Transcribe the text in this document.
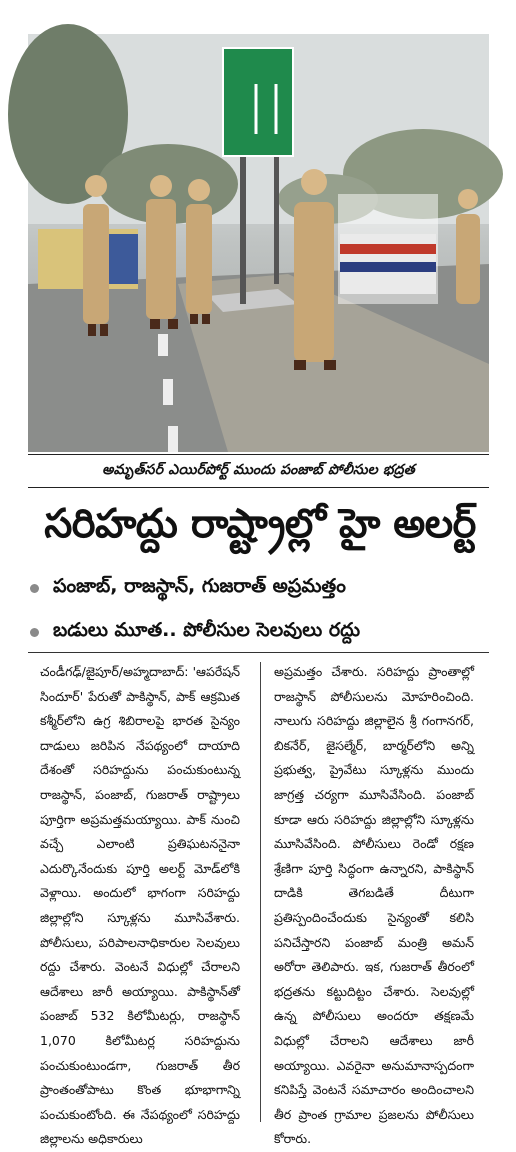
అమృత్‌సర్ ఎయిర్‌పోర్ట్ ముందు పంజాబ్ పోలీసుల భద్రత
సరిహద్దు రాష్ట్రాల్లో హై అలర్ట్
పంజాబ్, రాజస్థాన్, గుజరాత్ అప్రమత్తం
బడులు మూత.. పోలీసుల సెలవులు రద్దు

చండీగఢ్/జైపూర్/అహ్మదాబాద్: 'ఆపరేషన్ సిందూర్' పేరుతో పాకిస్థాన్, పాక్ ఆక్రమిత కశ్మీర్‌లోని ఉగ్ర శిబిరాలపై భారత సైన్యం దాడులు జరిపిన నేపథ్యంలో దాయాది దేశంతో సరిహద్దును పంచుకుంటున్న రాజస్థాన్, పంజాబ్, గుజరాత్ రాష్ట్రాలు పూర్తిగా అప్రమత్తమయ్యాయి. పాక్ నుంచి వచ్చే ఎలాంటి ప్రతిఘటననైనా ఎదుర్కొనేందుకు పూర్తి అలర్ట్ మోడ్‌లోకి వెళ్లాయి. అందులో భాగంగా సరిహద్దు జిల్లాల్లోని స్కూళ్లను మూసివేశారు. పోలీసులు, పరిపాలనాధికారుల సెలవులు రద్దు చేశారు. వెంటనే విధుల్లో చేరాలని ఆదేశాలు జారీ అయ్యాయి. పాకిస్థాన్‌తో పంజాబ్ 532 కిలోమీటర్లు, రాజస్థాన్ 1,070 కిలోమీటర్ల సరిహద్దును పంచుకుంటుండగా, గుజరాత్ తీర ప్రాంతంతోపాటు కొంత భూభాగాన్ని పంచుకుంటోంది. ఈ నేపథ్యంలో సరిహద్దు జిల్లాలను అధికారులు

అప్రమత్తం చేశారు. సరిహద్దు ప్రాంతాల్లో రాజస్థాన్ పోలీసులను మోహరించింది. నాలుగు సరిహద్దు జిల్లాలైన శ్రీ గంగానగర్, బికనేర్, జైసల్మేర్, బార్మర్‌లోని అన్ని ప్రభుత్వ, ప్రైవేటు స్కూళ్లను ముందు జాగ్రత్త చర్యగా మూసివేసింది. పంజాబ్ కూడా ఆరు సరిహద్దు జిల్లాల్లోని స్కూళ్లను మూసివేసింది. పోలీసులు రెండో రక్షణ శ్రేణిగా పూర్తి సిద్ధంగా ఉన్నారని, పాకిస్థాన్ దాడికి తెగబడితే దీటుగా ప్రతిస్పందించేందుకు సైన్యంతో కలిసి పనిచేస్తారని పంజాబ్ మంత్రి అమన్ అరోరా తెలిపారు. ఇక, గుజరాత్ తీరంలో భద్రతను కట్టుదిట్టం చేశారు. సెలవుల్లో ఉన్న పోలీసులు అందరూ తక్షణమే విధుల్లో చేరాలని ఆదేశాలు జారీ అయ్యాయి. ఎవరైనా అనుమానాస్పదంగా కనిపిస్తే వెంటనే సమాచారం అందించాలని తీర ప్రాంత గ్రామాల ప్రజలను పోలీసులు కోరారు.
